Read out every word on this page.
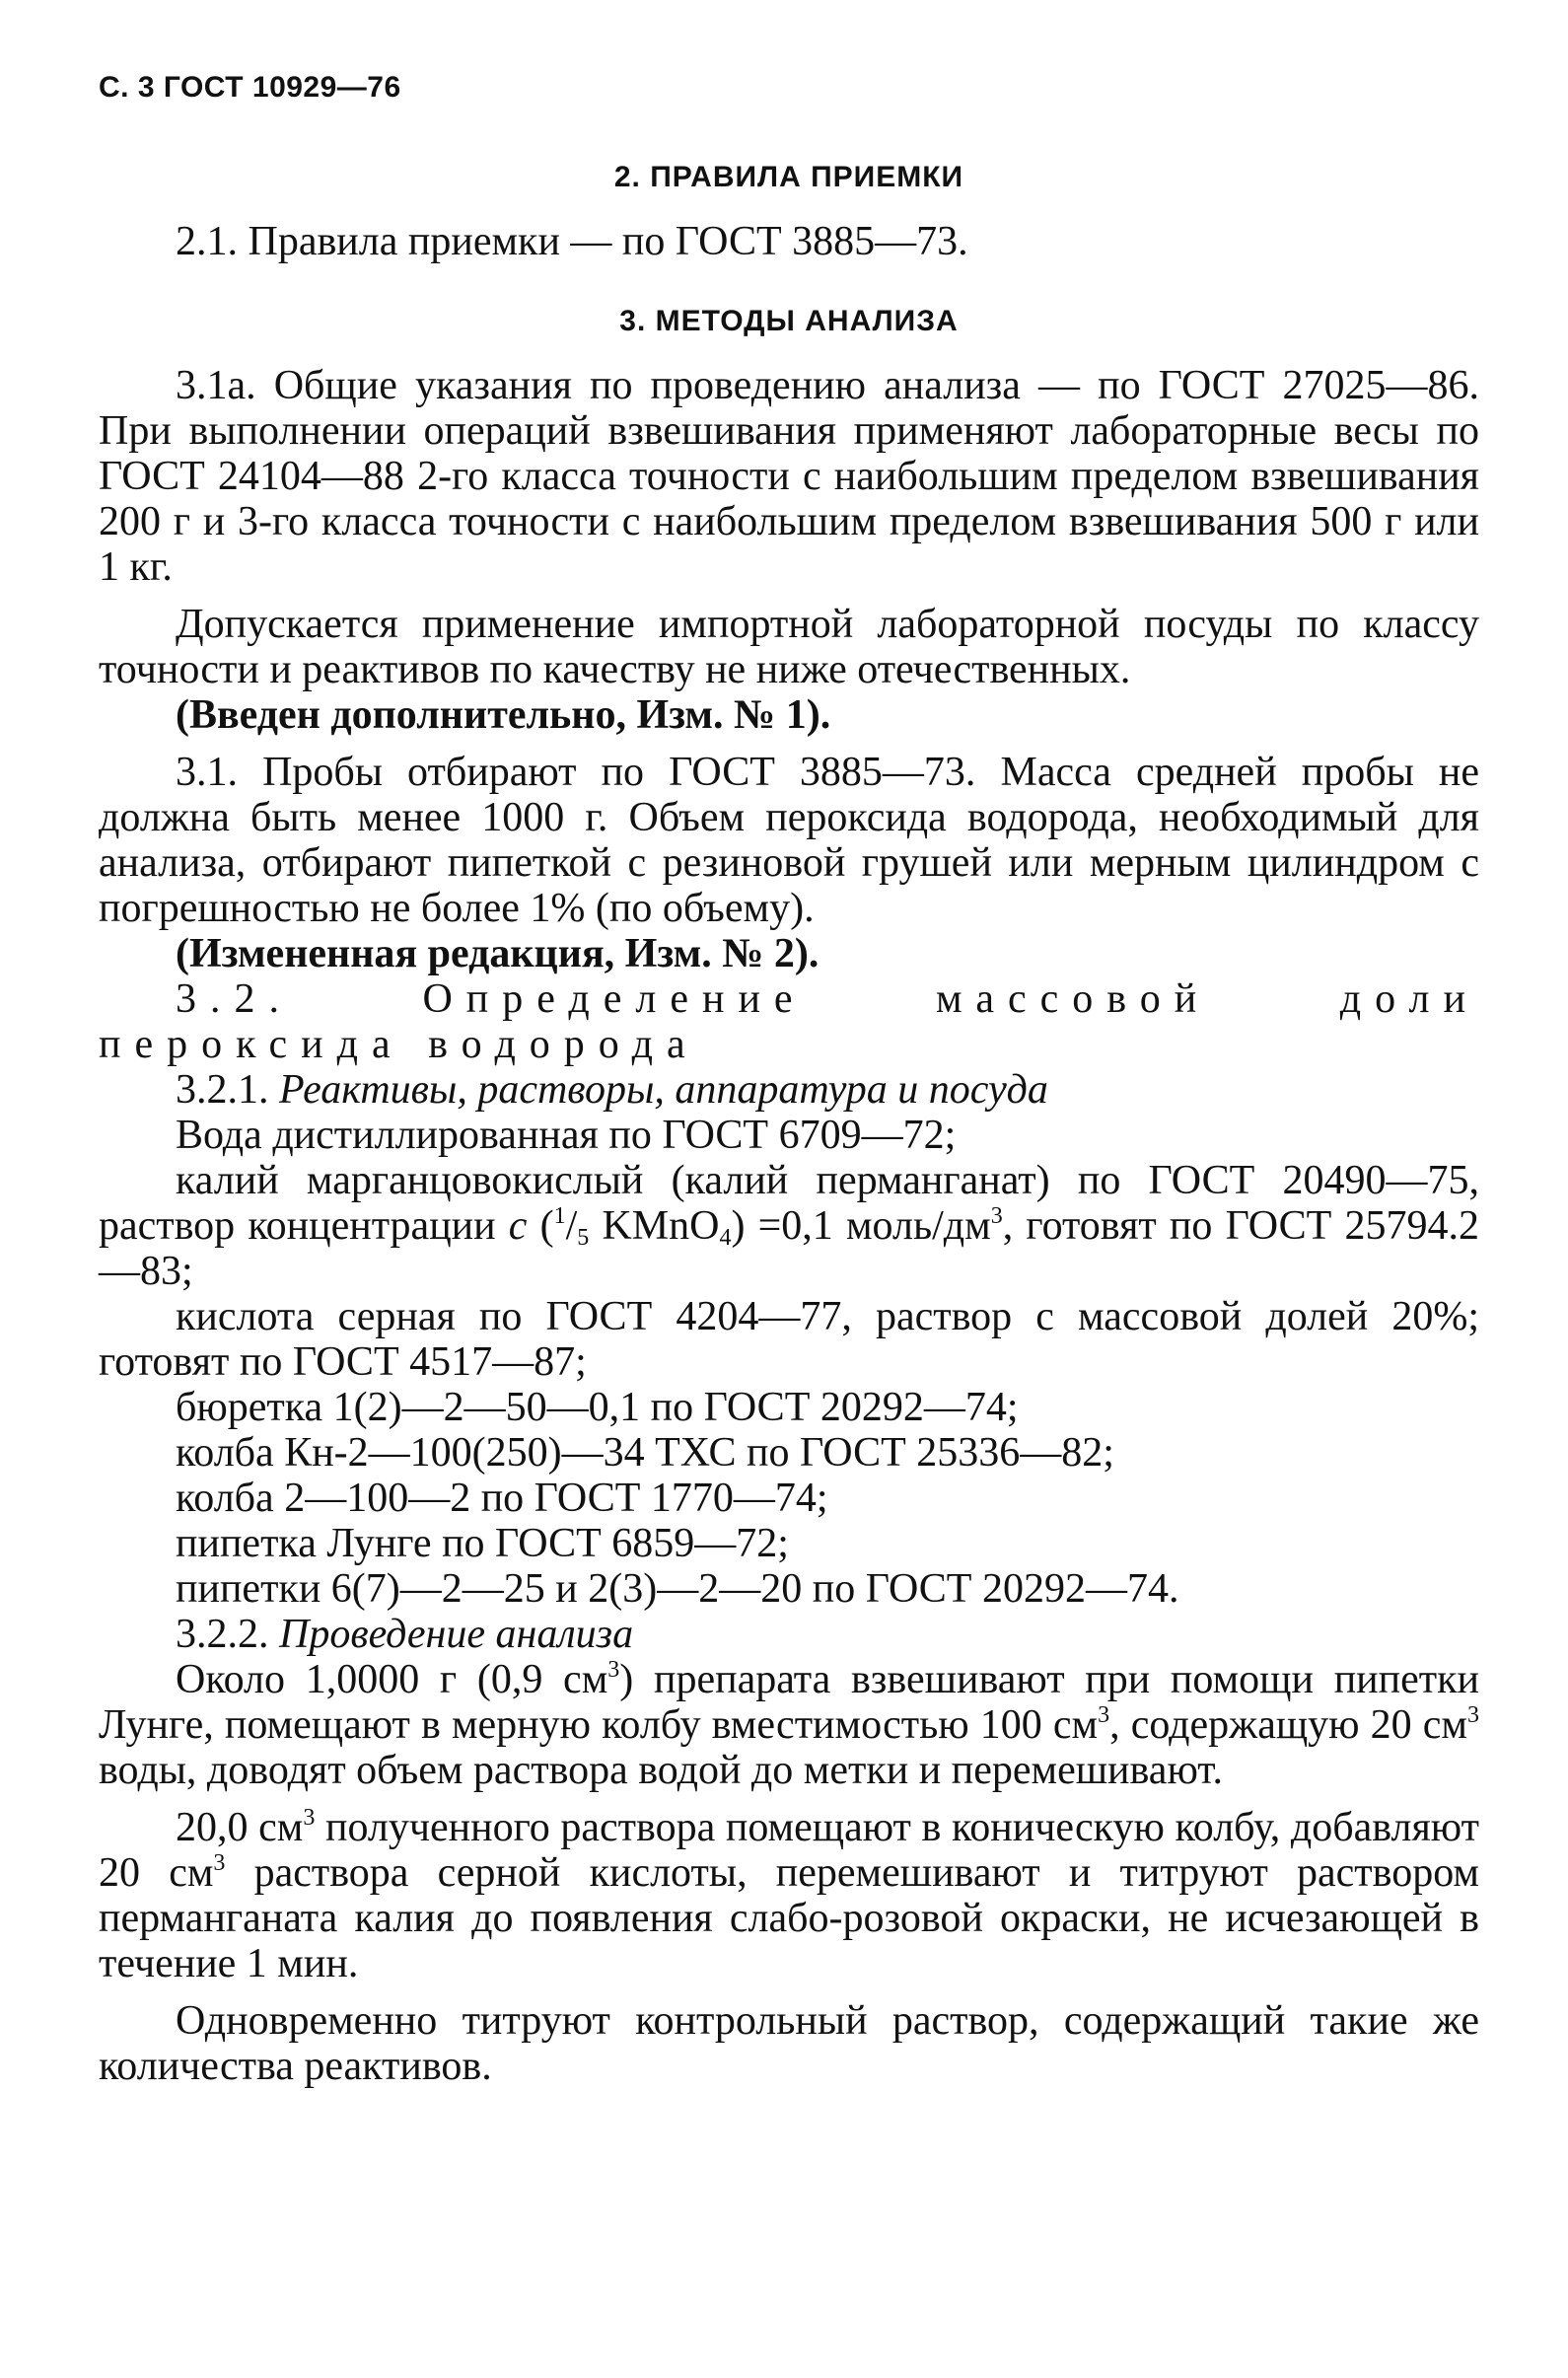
С. 3 ГОСТ 10929—76
2. ПРАВИЛА ПРИЕМКИ

2.1. Правила приемки — по ГОСТ 3885—73.

3. МЕТОДЫ АНАЛИЗА

3.1а. Общие указания по проведению анализа — по ГОСТ 27025—86. При выполнении операций взвешивания применяют лабораторные весы по ГОСТ 24104—88 2-го класса точности с наибольшим пределом взвешивания 200 г и 3-го класса точности с наибольшим пределом взвешивания 500 г или 1 кг.

Допускается применение импортной лабораторной посуды по классу точности и реактивов по качеству не ниже отечественных.

(Введен дополнительно, Изм. № 1).

3.1. Пробы отбирают по ГОСТ 3885—73. Масса средней пробы не должна быть менее 1000 г. Объем пероксида водорода, необходимый для анализа, отбирают пипеткой с резиновой грушей или мерным цилиндром с погрешностью не более 1% (по объему).

(Измененная редакция, Изм. № 2).

3.2. Определение массовой доли пероксида водорода

3.2.1. Реактивы, растворы, аппаратура и посуда

Вода дистиллированная по ГОСТ 6709—72;

калий марганцовокислый (калий перманганат) по ГОСТ 20490—75, раствор концентрации с ($^1/_5$ KMnO$_4$) =0,1 моль/$дм^3$, готовят по ГОСТ 25794.2—83;

кислота серная по ГОСТ 4204—77, раствор с массовой долей 20%; готовят по ГОСТ 4517—87;

бюретка 1(2)—2—50—0,1 по ГОСТ 20292—74;

колба Кн-2—100(250)—34 ТХС по ГОСТ 25336—82;

колба 2—100—2 по ГОСТ 1770—74;

пипетка Лунге по ГОСТ 6859—72;

пипетки 6(7)—2—25 и 2(3)—2—20 по ГОСТ 20292—74.

3.2.2. Проведение анализа

Около 1,0000 г (0,9 $см^3$) препарата взвешивают при помощи пипетки Лунге, помещают в мерную колбу вместимостью 100 $см^3$, содержащую 20 $см^3$ воды, доводят объем раствора водой до метки и перемешивают.

20,0 $см^3$ полученного раствора помещают в коническую колбу, добавляют 20 $см^3$ раствора серной кислоты, перемешивают и титруют раствором перманганата калия до появления слабо-розовой окраски, не исчезающей в течение 1 мин.

Одновременно титруют контрольный раствор, содержащий такие же количества реактивов.
